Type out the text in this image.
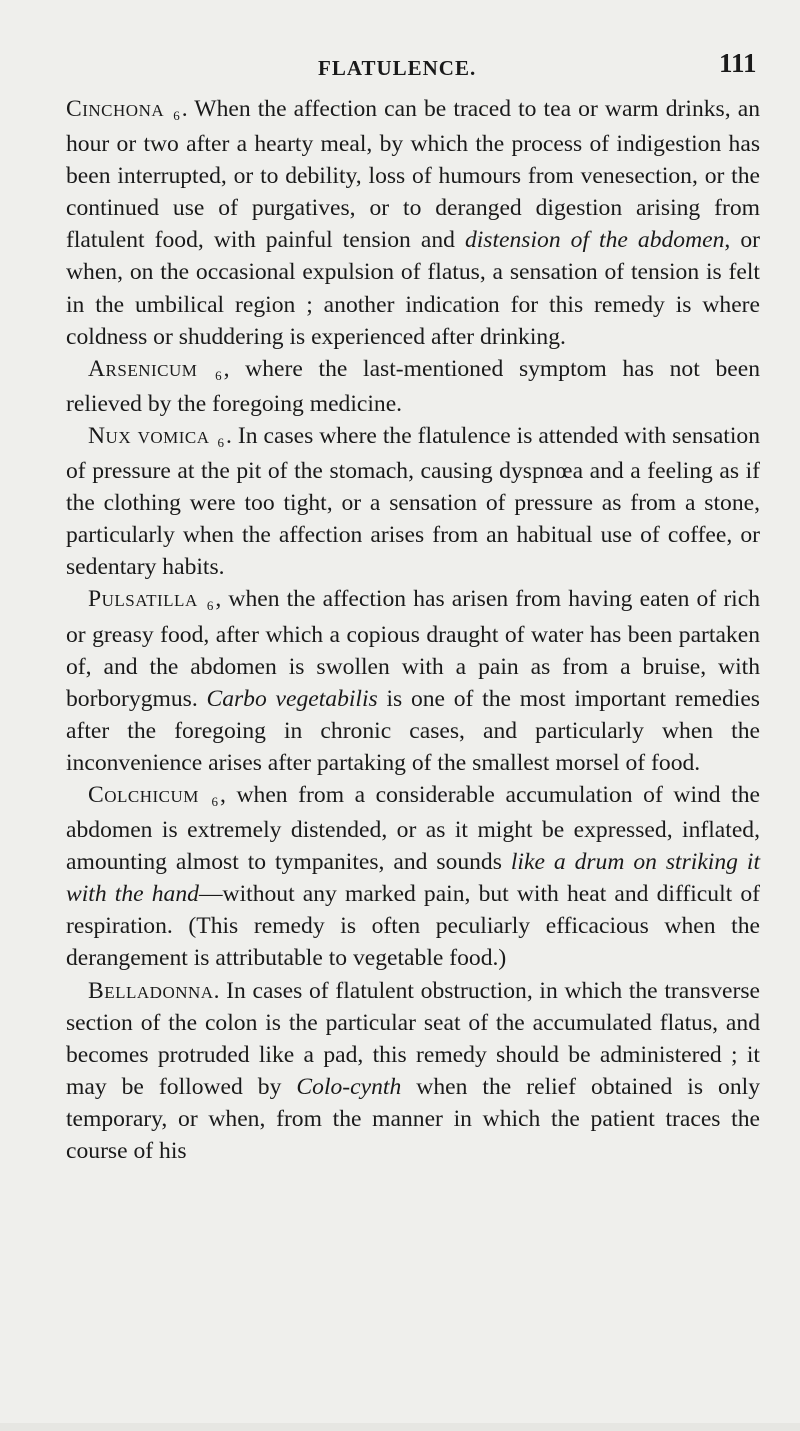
FLATULENCE.	111

Cinchona 6. When the affection can be traced to tea or warm drinks, an hour or two after a hearty meal, by which the process of indigestion has been interrupted, or to debility, loss of humours from venesection, or the continued use of purgatives, or to deranged digestion arising from flatulent food, with painful tension and distension of the abdomen, or when, on the occasional expulsion of flatus, a sensation of tension is felt in the umbilical region ; another indication for this remedy is where coldness or shuddering is experienced after drinking.

Arsenicum 6, where the last-mentioned symptom has not been relieved by the foregoing medicine.

Nux vomica 6. In cases where the flatulence is attended with sensation of pressure at the pit of the stomach, causing dyspnœa and a feeling as if the clothing were too tight, or a sensation of pressure as from a stone, particularly when the affection arises from an habitual use of coffee, or sedentary habits.

Pulsatilla 6, when the affection has arisen from having eaten of rich or greasy food, after which a copious draught of water has been partaken of, and the abdomen is swollen with a pain as from a bruise, with borborygmus. Carbo vegetabilis is one of the most important remedies after the foregoing in chronic cases, and particularly when the inconvenience arises after partaking of the smallest morsel of food.

Colchicum 6, when from a considerable accumulation of wind the abdomen is extremely distended, or as it might be expressed, inflated, amounting almost to tympanites, and sounds like a drum on striking it with the hand—without any marked pain, but with heat and difficult of respiration. (This remedy is often peculiarly efficacious when the derangement is attributable to vegetable food.)

Belladonna. In cases of flatulent obstruction, in which the transverse section of the colon is the particular seat of the accumulated flatus, and becomes protruded like a pad, this remedy should be administered ; it may be followed by Colo-cynth when the relief obtained is only temporary, or when, from the manner in which the patient traces the course of his
